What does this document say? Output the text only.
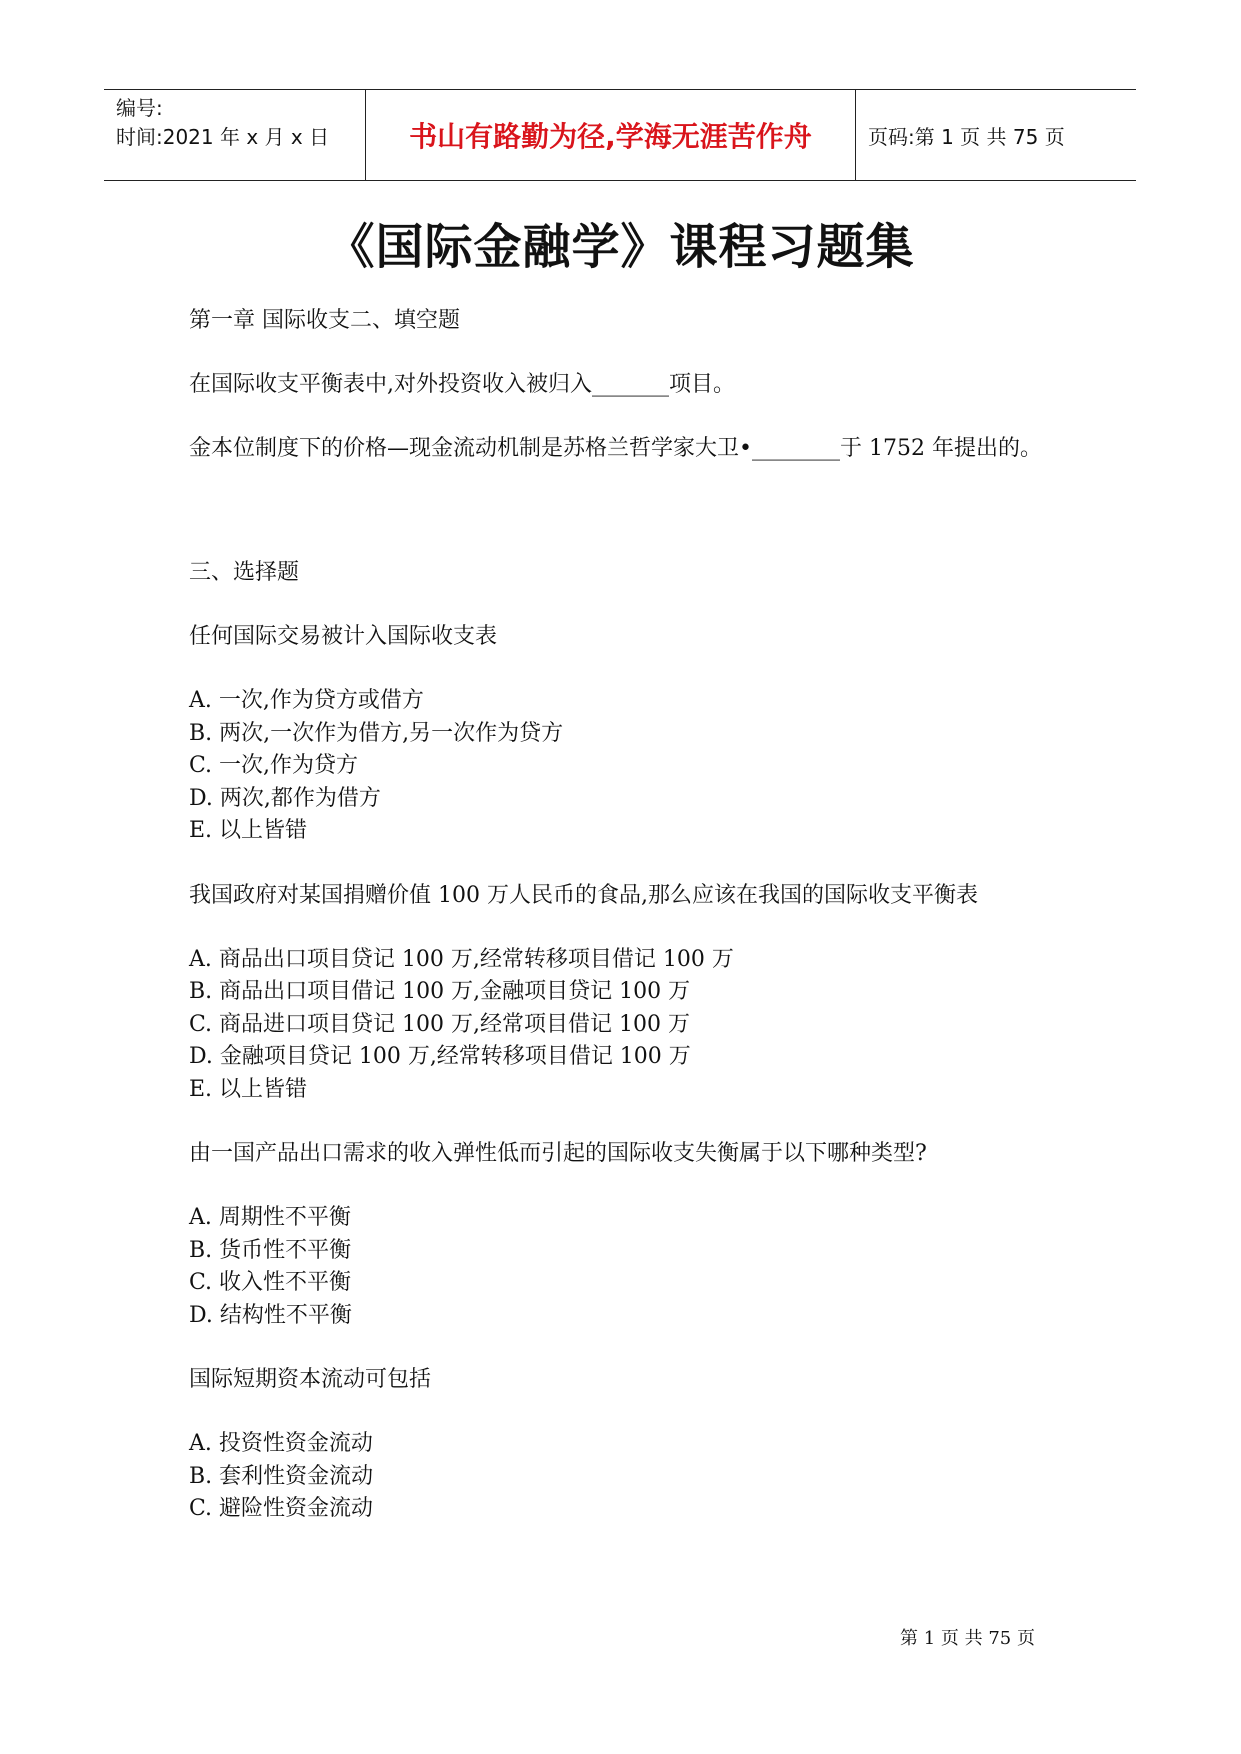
编号:
时间:2021 年 x 月 x 日	书山有路勤为径,学海无涯苦作舟	页码:第 1 页 共 75 页
《国际金融学》课程习题集

第一章 国际收支二、填空题

在国际收支平衡表中,对外投资收入被归入_______项目。

金本位制度下的价格—现金流动机制是苏格兰哲学家大卫•________于 1752 年提出的。

三、选择题

任何国际交易被计入国际收支表

A. 一次,作为贷方或借方
B. 两次,一次作为借方,另一次作为贷方
C. 一次,作为贷方
D. 两次,都作为借方
E. 以上皆错

我国政府对某国捐赠价值 100 万人民币的食品,那么应该在我国的国际收支平衡表

A. 商品出口项目贷记 100 万,经常转移项目借记 100 万
B. 商品出口项目借记 100 万,金融项目贷记 100 万
C. 商品进口项目贷记 100 万,经常项目借记 100 万
D. 金融项目贷记 100 万,经常转移项目借记 100 万
E. 以上皆错

由一国产品出口需求的收入弹性低而引起的国际收支失衡属于以下哪种类型?

A. 周期性不平衡
B. 货币性不平衡
C. 收入性不平衡
D. 结构性不平衡

国际短期资本流动可包括

A. 投资性资金流动
B. 套利性资金流动
C. 避险性资金流动
第 1 页 共 75 页
